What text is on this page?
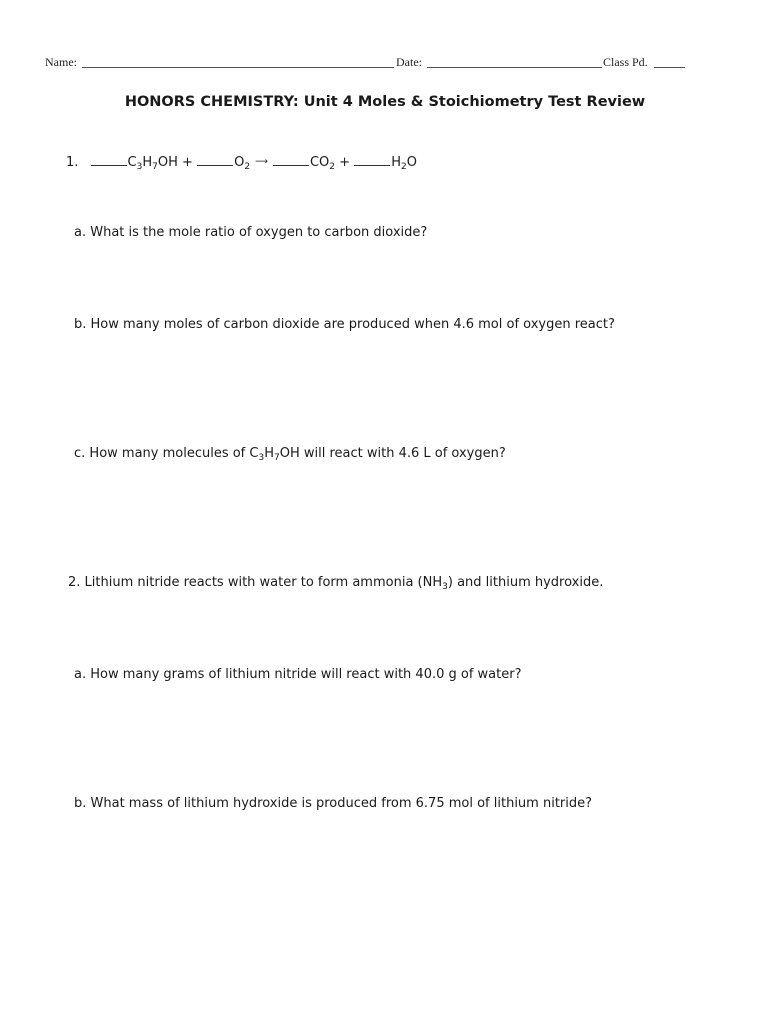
Name:	Date:	Class Pd.
HONORS CHEMISTRY: Unit 4 Moles & Stoichiometry Test Review
1.	$C_3H_7OH$ +	$O_2$ ⟶	$CO_2$ +	$H_2O$
a. What is the mole ratio of oxygen to carbon dioxide?
b. How many moles of carbon dioxide are produced when 4.6 mol of oxygen react?
c. How many molecules of $C_3H_7OH$ will react with 4.6 L of oxygen?
2. Lithium nitride reacts with water to form ammonia $(NH_3)$ and lithium hydroxide.
a. How many grams of lithium nitride will react with 40.0 g of water?
b. What mass of lithium hydroxide is produced from 6.75 mol of lithium nitride?
